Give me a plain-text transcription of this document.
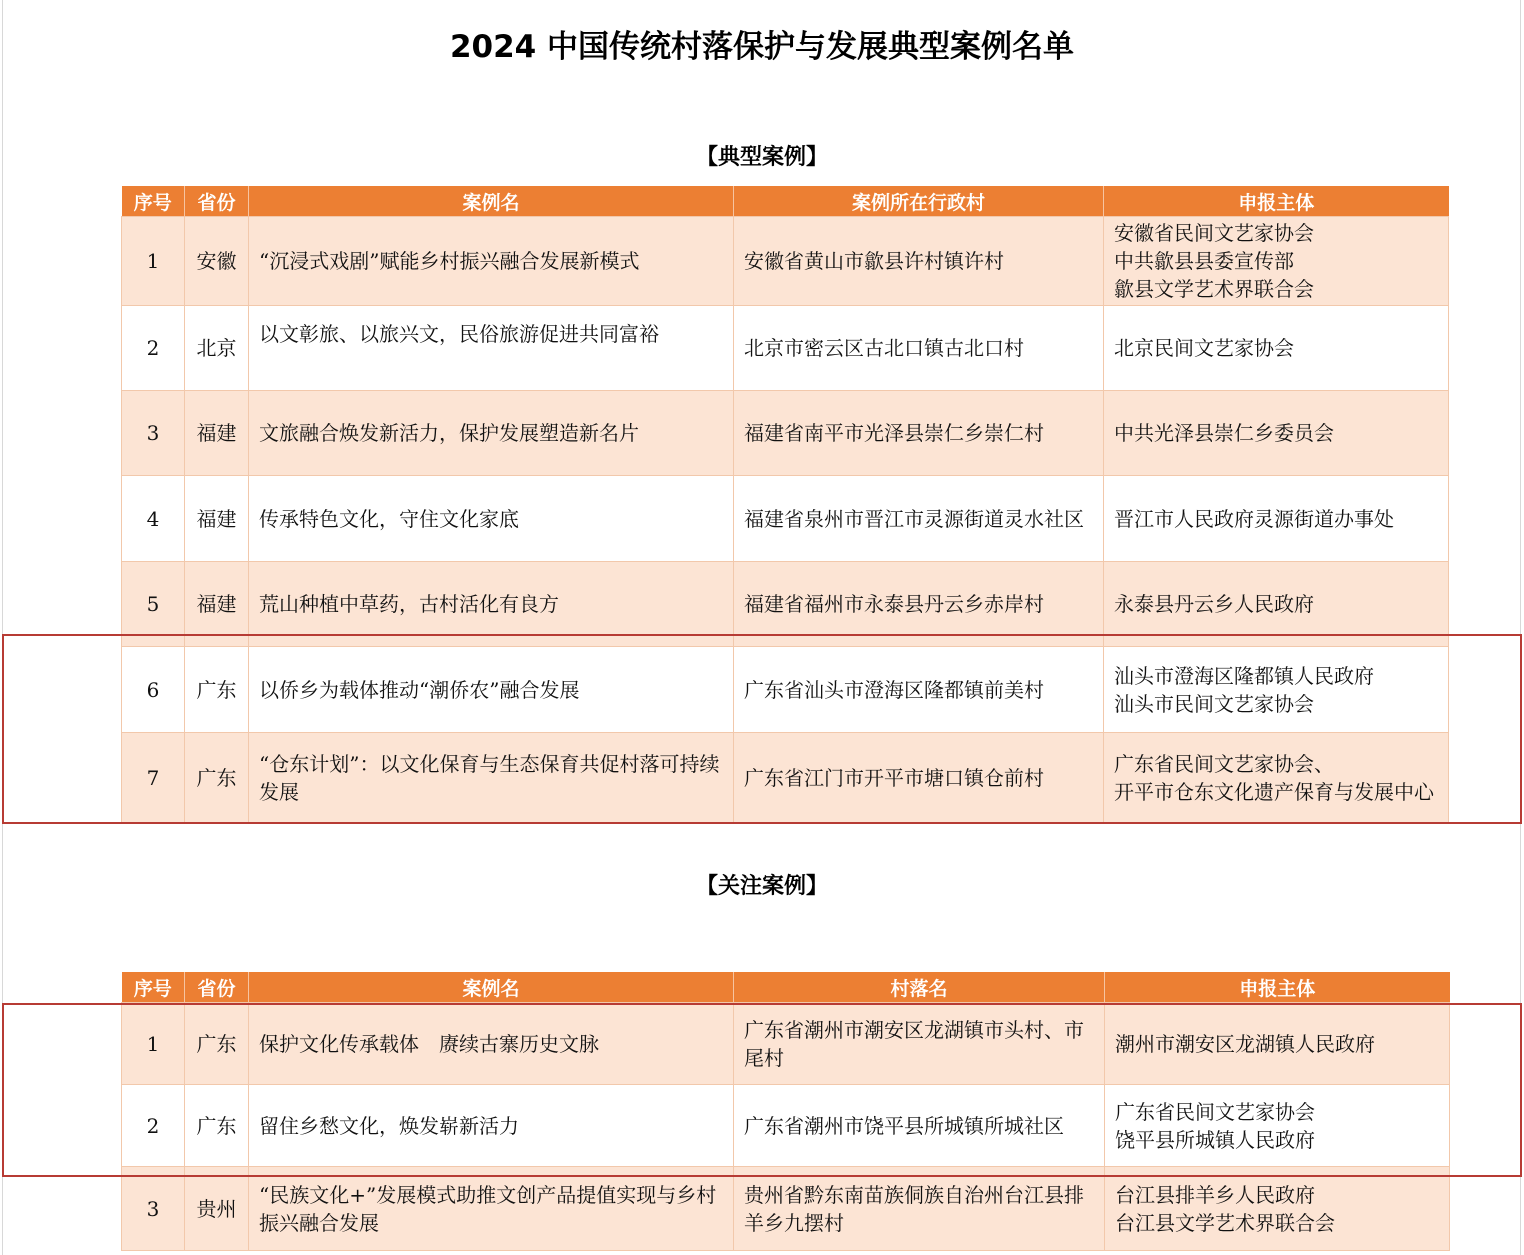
2024 中国传统村落保护与发展典型案例名单
【典型案例】
序号	省份	案例名	案例所在行政村	申报主体
1	安徽	“沉浸式戏剧”赋能乡村振兴融合发展新模式	安徽省黄山市歙县许村镇许村	安徽省民间文艺家协会
中共歙县县委宣传部
歙县文学艺术界联合会

2	北京	以文彰旅、以旅兴文，民俗旅游促进共同富裕	北京市密云区古北口镇古北口村	北京民间文艺家协会

3	福建	文旅融合焕发新活力，保护发展塑造新名片	福建省南平市光泽县崇仁乡崇仁村	中共光泽县崇仁乡委员会

4	福建	传承特色文化，守住文化家底	福建省泉州市晋江市灵源街道灵水社区	晋江市人民政府灵源街道办事处

5	福建	荒山种植中草药，古村活化有良方	福建省福州市永泰县丹云乡赤岸村	永泰县丹云乡人民政府

6	广东	以侨乡为载体推动“潮侨农”融合发展	广东省汕头市澄海区隆都镇前美村	汕头市澄海区隆都镇人民政府
汕头市民间文艺家协会

7	广东	“仓东计划”：以文化保育与生态保育共促村落可持续发展	广东省江门市开平市塘口镇仓前村	广东省民间文艺家协会、
开平市仓东文化遗产保育与发展中心
【关注案例】
序号	省份	案例名	村落名	申报主体
1	广东	保护文化传承载体　赓续古寨历史文脉	广东省潮州市潮安区龙湖镇市头村、市尾村	潮州市潮安区龙湖镇人民政府

2	广东	留住乡愁文化，焕发崭新活力	广东省潮州市饶平县所城镇所城社区	广东省民间文艺家协会
饶平县所城镇人民政府

3	贵州	“民族文化+”发展模式助推文创产品提值实现与乡村振兴融合发展	贵州省黔东南苗族侗族自治州台江县排羊乡九摆村	台江县排羊乡人民政府
台江县文学艺术界联合会
